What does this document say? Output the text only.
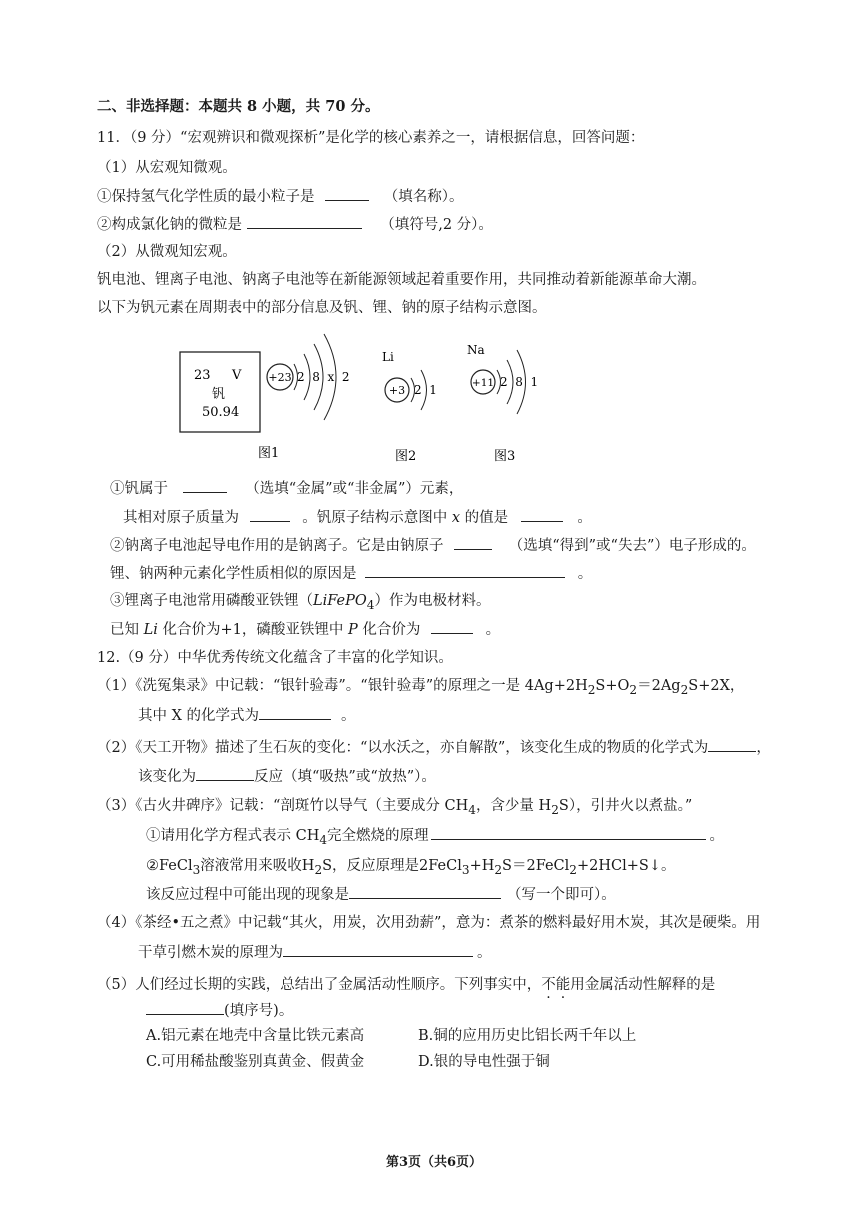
二、非选择题：本题共 8 小题，共 70 分。
11．（9 分）“宏观辨识和微观探析”是化学的核心素养之一，请根据信息，回答问题：
（1）从宏观知微观。
①保持氢气化学性质的最小粒子是	（填名称）。
②构成氯化钠的微粒是	（填符号,2 分）。
（2）从微观知宏观。
钒电池、锂离子电池、钠离子电池等在新能源领域起着重要作用，共同推动着新能源革命大潮。
以下为钒元素在周期表中的部分信息及钒、锂、钠的原子结构示意图。
23 V
钒
50.94
+23 2  8  x  2
Li
+3 2  1
Na
+11 2  8  1
图1	图2	图3
①钒属于	（选填“金属”或“非金属”）元素，
其相对原子质量为	。钒原子结构示意图中 x 的值是	。
②钠离子电池起导电作用的是钠离子。它是由钠原子	（选填“得到”或“失去”）电子形成的。
锂、钠两种元素化学性质相似的原因是	。
③锂离子电池常用磷酸亚铁锂（LiFePO$_4$）作为电极材料。
已知 Li 化合价为+1，磷酸亚铁锂中 P 化合价为	。
12.（9 分）中华优秀传统文化蕴含了丰富的化学知识。
（1）《洗冤集录》中记载：“银针验毒”。“银针验毒”的原理之一是 $4Ag+2H_2S+O_2=2Ag_2S+2X$，
其中 X 的化学式为	。
（2）《天工开物》描述了生石灰的变化：“以水沃之，亦自解散”，该变化生成的物质的化学式为	，
该变化为	反应（填“吸热”或“放热”）。
（3）《古火井碑序》记载：“剖斑竹以导气（主要成分 $CH_4$，含少量 $H_2S$），引井火以煮盐。”
①请用化学方程式表示 $CH_4$完全燃烧的原理	。
②FeCl$_3$溶液常用来吸收$H_2S$，反应原理是$2FeCl_3+H_2S=2FeCl_2+2HCl+S↓$。
该反应过程中可能出现的现象是	（写一个即可）。
（4）《茶经•五之煮》中记载“其火，用炭，次用劲薪”，意为：煮茶的燃料最好用木炭，其次是硬柴。用
干草引燃木炭的原理为	。
（5）人们经过长期的实践，总结出了金属活动性顺序。下列事实中，不能用金属活动性解释的是
(填序号)。
A.铝元素在地壳中含量比铁元素高	B.铜的应用历史比铝长两千年以上
C.可用稀盐酸鉴别真黄金、假黄金	D.银的导电性强于铜
第3页（共6页）
